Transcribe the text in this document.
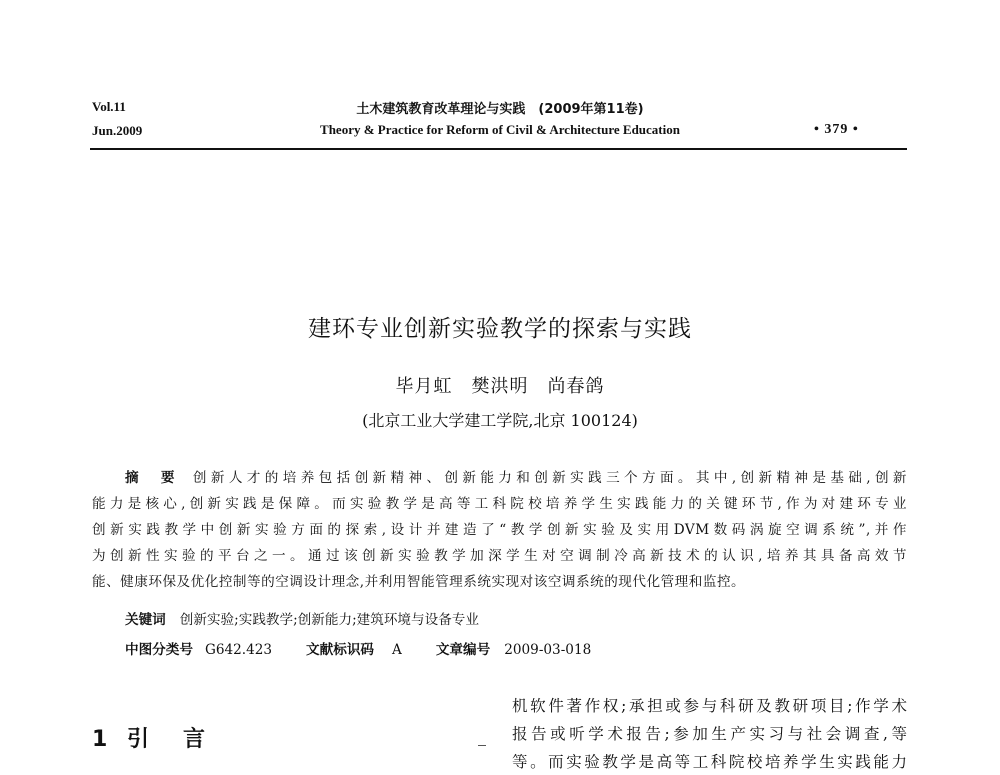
Vol.11
Jun.2009
土木建筑教育改革理论与实践　(2009年第11卷)
Theory & Practice for Reform of Civil & Architecture Education	• 379 •
建环专业创新实验教学的探索与实践
毕月虹　樊洪明　尚春鸽
(北京工业大学建工学院,北京 100124)
摘　要 创新人才的培养包括创新精神、创新能力和创新实践三个方面。其中,创新精神是基础,创新
能力是核心,创新实践是保障。而实验教学是高等工科院校培养学生实践能力的关键环节,作为对建环专业
创新实践教学中创新实验方面的探索,设计并建造了“教学创新实验及实用DVM数码涡旋空调系统”,并作
为创新性实验的平台之一。通过该创新实验教学加深学生对空调制冷高新技术的认识,培养其具备高效节
能、健康环保及优化控制等的空调设计理念,并利用智能管理系统实现对该空调系统的现代化管理和监控。
关键词 创新实验;实践教学;创新能力;建筑环境与设备专业
中图分类号 G642.423	文献标识码 A	文章编号 2009-03-018
1 引　言
机软件著作权;承担或参与科研及教研项目;作学术
报告或听学术报告;参加生产实习与社会调查,等
等。而实验教学是高等工科院校培养学生实践能力
